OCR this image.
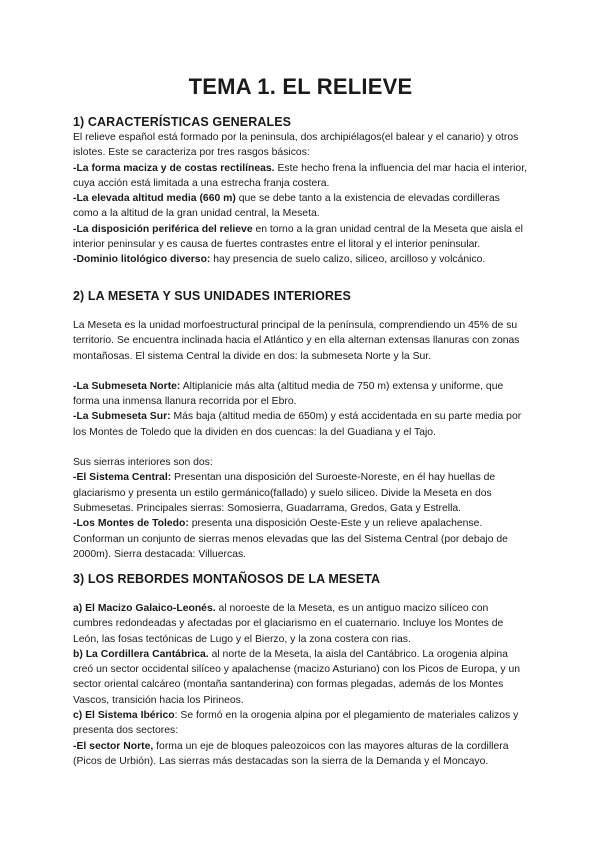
TEMA 1. EL RELIEVE
1) CARACTERÍSTICAS GENERALES

El relieve español está formado por la peninsula, dos archipiélagos(el balear y el canario) y otros islotes. Este se caracteriza por tres rasgos básicos:

-La forma maciza y de costas rectilíneas. Este hecho frena la influencia del mar hacia el interior, cuya acción está limitada a una estrecha franja costera.

-La elevada altitud media (660 m) que se debe tanto a la existencia de elevadas cordilleras como a la altitud de la gran unidad central, la Meseta.

-La disposición periférica del relieve en torno a la gran unidad central de la Meseta que aisla el interior peninsular y es causa de fuertes contrastes entre el litoral y el interior peninsular.

-Dominio litológico diverso: hay presencia de suelo calizo, siliceo, arcilloso y volcánico.

2) LA MESETA Y SUS UNIDADES INTERIORES

La Meseta es la unidad morfoestructural principal de la península, comprendiendo un 45% de su territorio. Se encuentra inclinada hacia el Atlántico y en ella alternan extensas llanuras con zonas montañosas. El sistema Central la divide en dos: la submeseta Norte y la Sur.

-La Submeseta Norte: Altiplanicie más alta (altitud media de 750 m) extensa y uniforme, que forma una inmensa llanura recorrida por el Ebro.

-La Submeseta Sur: Más baja (altitud media de 650m) y está accidentada en su parte media por los Montes de Toledo que la dividen en dos cuencas: la del Guadiana y el Tajo.

Sus sierras interiores son dos:

-El Sistema Central: Presentan una disposición del Suroeste-Noreste, en él hay huellas de glaciarismo y presenta un estilo germánico(fallado) y suelo siliceo. Divide la Meseta en dos Submesetas. Principales sierras: Somosierra, Guadarrama, Gredos, Gata y Estrella.

-Los Montes de Toledo: presenta una disposición Oeste-Este y un relieve apalachense. Conforman un conjunto de sierras menos elevadas que las del Sistema Central (por debajo de 2000m). Sierra destacada: Villuercas.

3) LOS REBORDES MONTAÑOSOS DE LA MESETA

a) El Macizo Galaico-Leonés. al noroeste de la Meseta, es un antiguo macizo silíceo con cumbres redondeadas y afectadas por el glaciarismo en el cuaternario. Incluye los Montes de León, las fosas tectónicas de Lugo y el Bierzo, y la zona costera con rias.

b) La Cordillera Cantábrica. al norte de la Meseta, la aisla del Cantábrico. La orogenia alpina creó un sector occidental silíceo y apalachense (macizo Asturiano) con los Picos de Europa, y un sector oriental calcáreo (montaña santanderina) con formas plegadas, además de los Montes Vascos, transición hacia los Pirineos.

c) El Sistema Ibérico: Se formó en la orogenia alpina por el plegamiento de materiales calizos y presenta dos sectores:

-El sector Norte, forma un eje de bloques paleozoicos con las mayores alturas de la cordillera (Picos de Urbión). Las sierras más destacadas son la sierra de la Demanda y el Moncayo.
